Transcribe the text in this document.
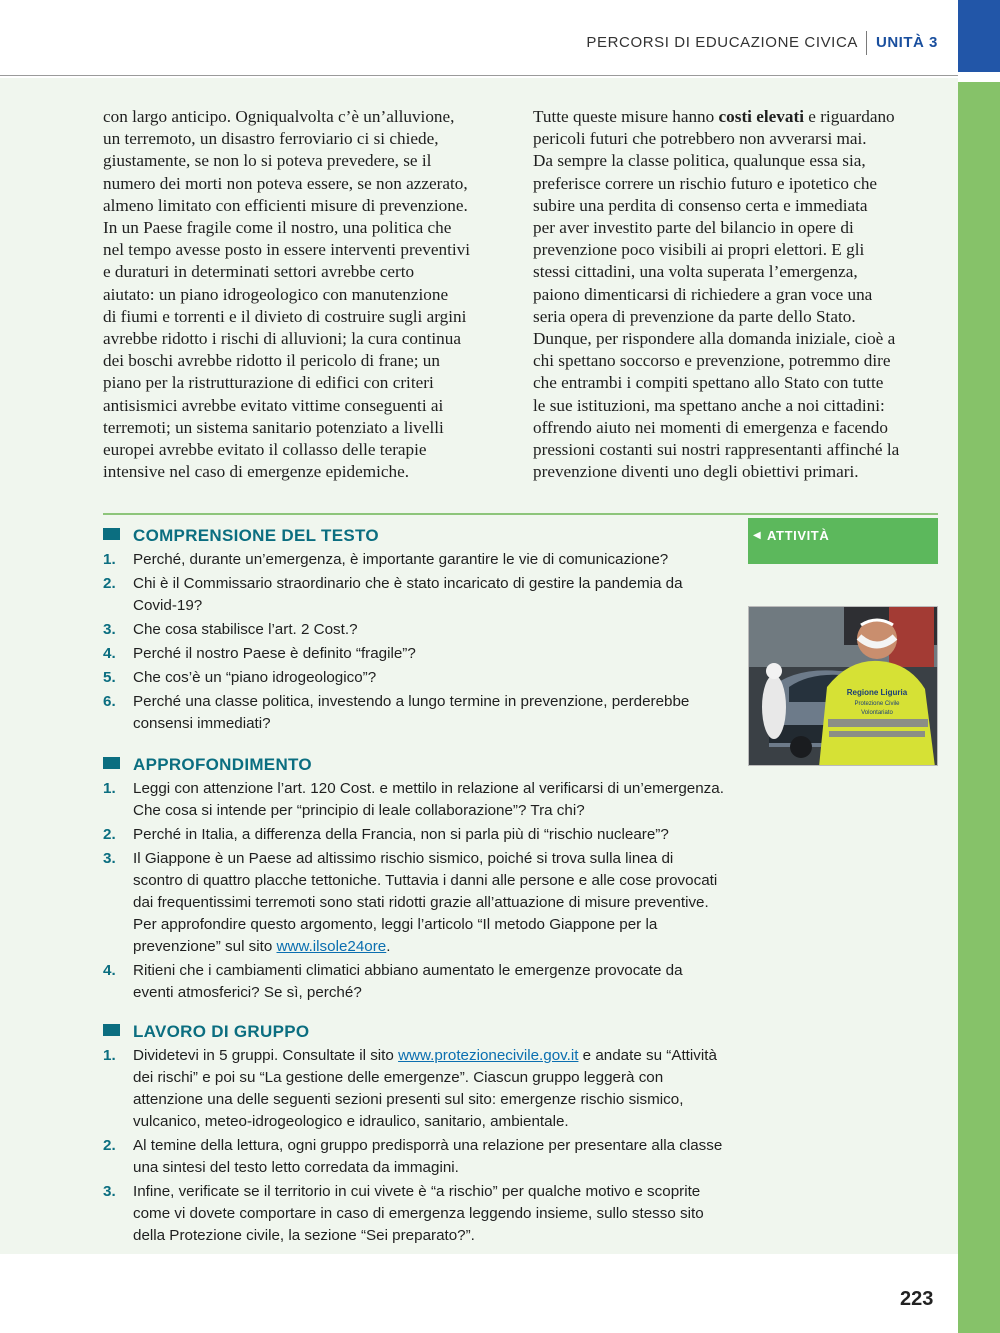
PERCORSI DI EDUCAZIONE CIVICA UNITÀ 3

con largo anticipo. Ogniqualvolta c’è un’alluvione,

un terremoto, un disastro ferroviario ci si chiede,

giustamente, se non lo si poteva prevedere, se il

numero dei morti non poteva essere, se non azzerato,

almeno limitato con efficienti misure di prevenzione.

In un Paese fragile come il nostro, una politica che

nel tempo avesse posto in essere interventi preventivi

e duraturi in determinati settori avrebbe certo

aiutato: un piano idrogeologico con manutenzione

di fiumi e torrenti e il divieto di costruire sugli argini

avrebbe ridotto i rischi di alluvioni; la cura continua

dei boschi avrebbe ridotto il pericolo di frane; un

piano per la ristrutturazione di edifici con criteri

antisismici avrebbe evitato vittime conseguenti ai

terremoti; un sistema sanitario potenziato a livelli

europei avrebbe evitato il collasso delle terapie

intensive nel caso di emergenze epidemiche.

Tutte queste misure hanno costi elevati e riguardano

pericoli futuri che potrebbero non avverarsi mai.

Da sempre la classe politica, qualunque essa sia,

preferisce correre un rischio futuro e ipotetico che

subire una perdita di consenso certa e immediata

per aver investito parte del bilancio in opere di

prevenzione poco visibili ai propri elettori. E gli

stessi cittadini, una volta superata l’emergenza,

paiono dimenticarsi di richiedere a gran voce una

seria opera di prevenzione da parte dello Stato.

Dunque, per rispondere alla domanda iniziale, cioè a

chi spettano soccorso e prevenzione, potremmo dire

che entrambi i compiti spettano allo Stato con tutte

le sue istituzioni, ma spettano anche a noi cittadini:

offrendo aiuto nei momenti di emergenza e facendo

pressioni costanti sui nostri rappresentanti affinché la

prevenzione diventi uno degli obiettivi primari.

◀ ATTIVITÀ
Regione Liguria
Protezione Civile
Volontariato
COMPRENSIONE DEL TESTO
1. Perché, durante un’emergenza, è importante garantire le vie di comunicazione?
2. Chi è il Commissario straordinario che è stato incaricato di gestire la pandemia da Covid-19?
3. Che cosa stabilisce l’art. 2 Cost.?
4. Perché il nostro Paese è definito “fragile”?
5. Che cos’è un “piano idrogeologico”?
6. Perché una classe politica, investendo a lungo termine in prevenzione, perderebbe consensi immediati?
APPROFONDIMENTO
1. Leggi con attenzione l’art. 120 Cost. e mettilo in relazione al verificarsi di un’emergenza. Che cosa si intende per “principio di leale collaborazione”? Tra chi?
2. Perché in Italia, a differenza della Francia, non si parla più di “rischio nucleare”?
3. Il Giappone è un Paese ad altissimo rischio sismico, poiché si trova sulla linea di scontro di quattro placche tettoniche. Tuttavia i danni alle persone e alle cose provocati dai frequentissimi terremoti sono stati ridotti grazie all’attuazione di misure preventive. Per approfondire questo argomento, leggi l’articolo “Il metodo Giappone per la prevenzione” sul sito www.ilsole24ore.
4. Ritieni che i cambiamenti climatici abbiano aumentato le emergenze provocate da eventi atmosferici? Se sì, perché?
LAVORO DI GRUPPO
1. Dividetevi in 5 gruppi. Consultate il sito www.protezionecivile.gov.it e andate su “Attività dei rischi” e poi su “La gestione delle emergenze”. Ciascun gruppo leggerà con attenzione una delle seguenti sezioni presenti sul sito: emergenze rischio sismico, vulcanico, meteo-idrogeologico e idraulico, sanitario, ambientale.
2. Al temine della lettura, ogni gruppo predisporrà una relazione per presentare alla classe una sintesi del testo letto corredata da immagini.
3. Infine, verificate se il territorio in cui vivete è “a rischio” per qualche motivo e scoprite come vi dovete comportare in caso di emergenza leggendo insieme, sullo stesso sito della Protezione civile, la sezione “Sei preparato?”.
223
